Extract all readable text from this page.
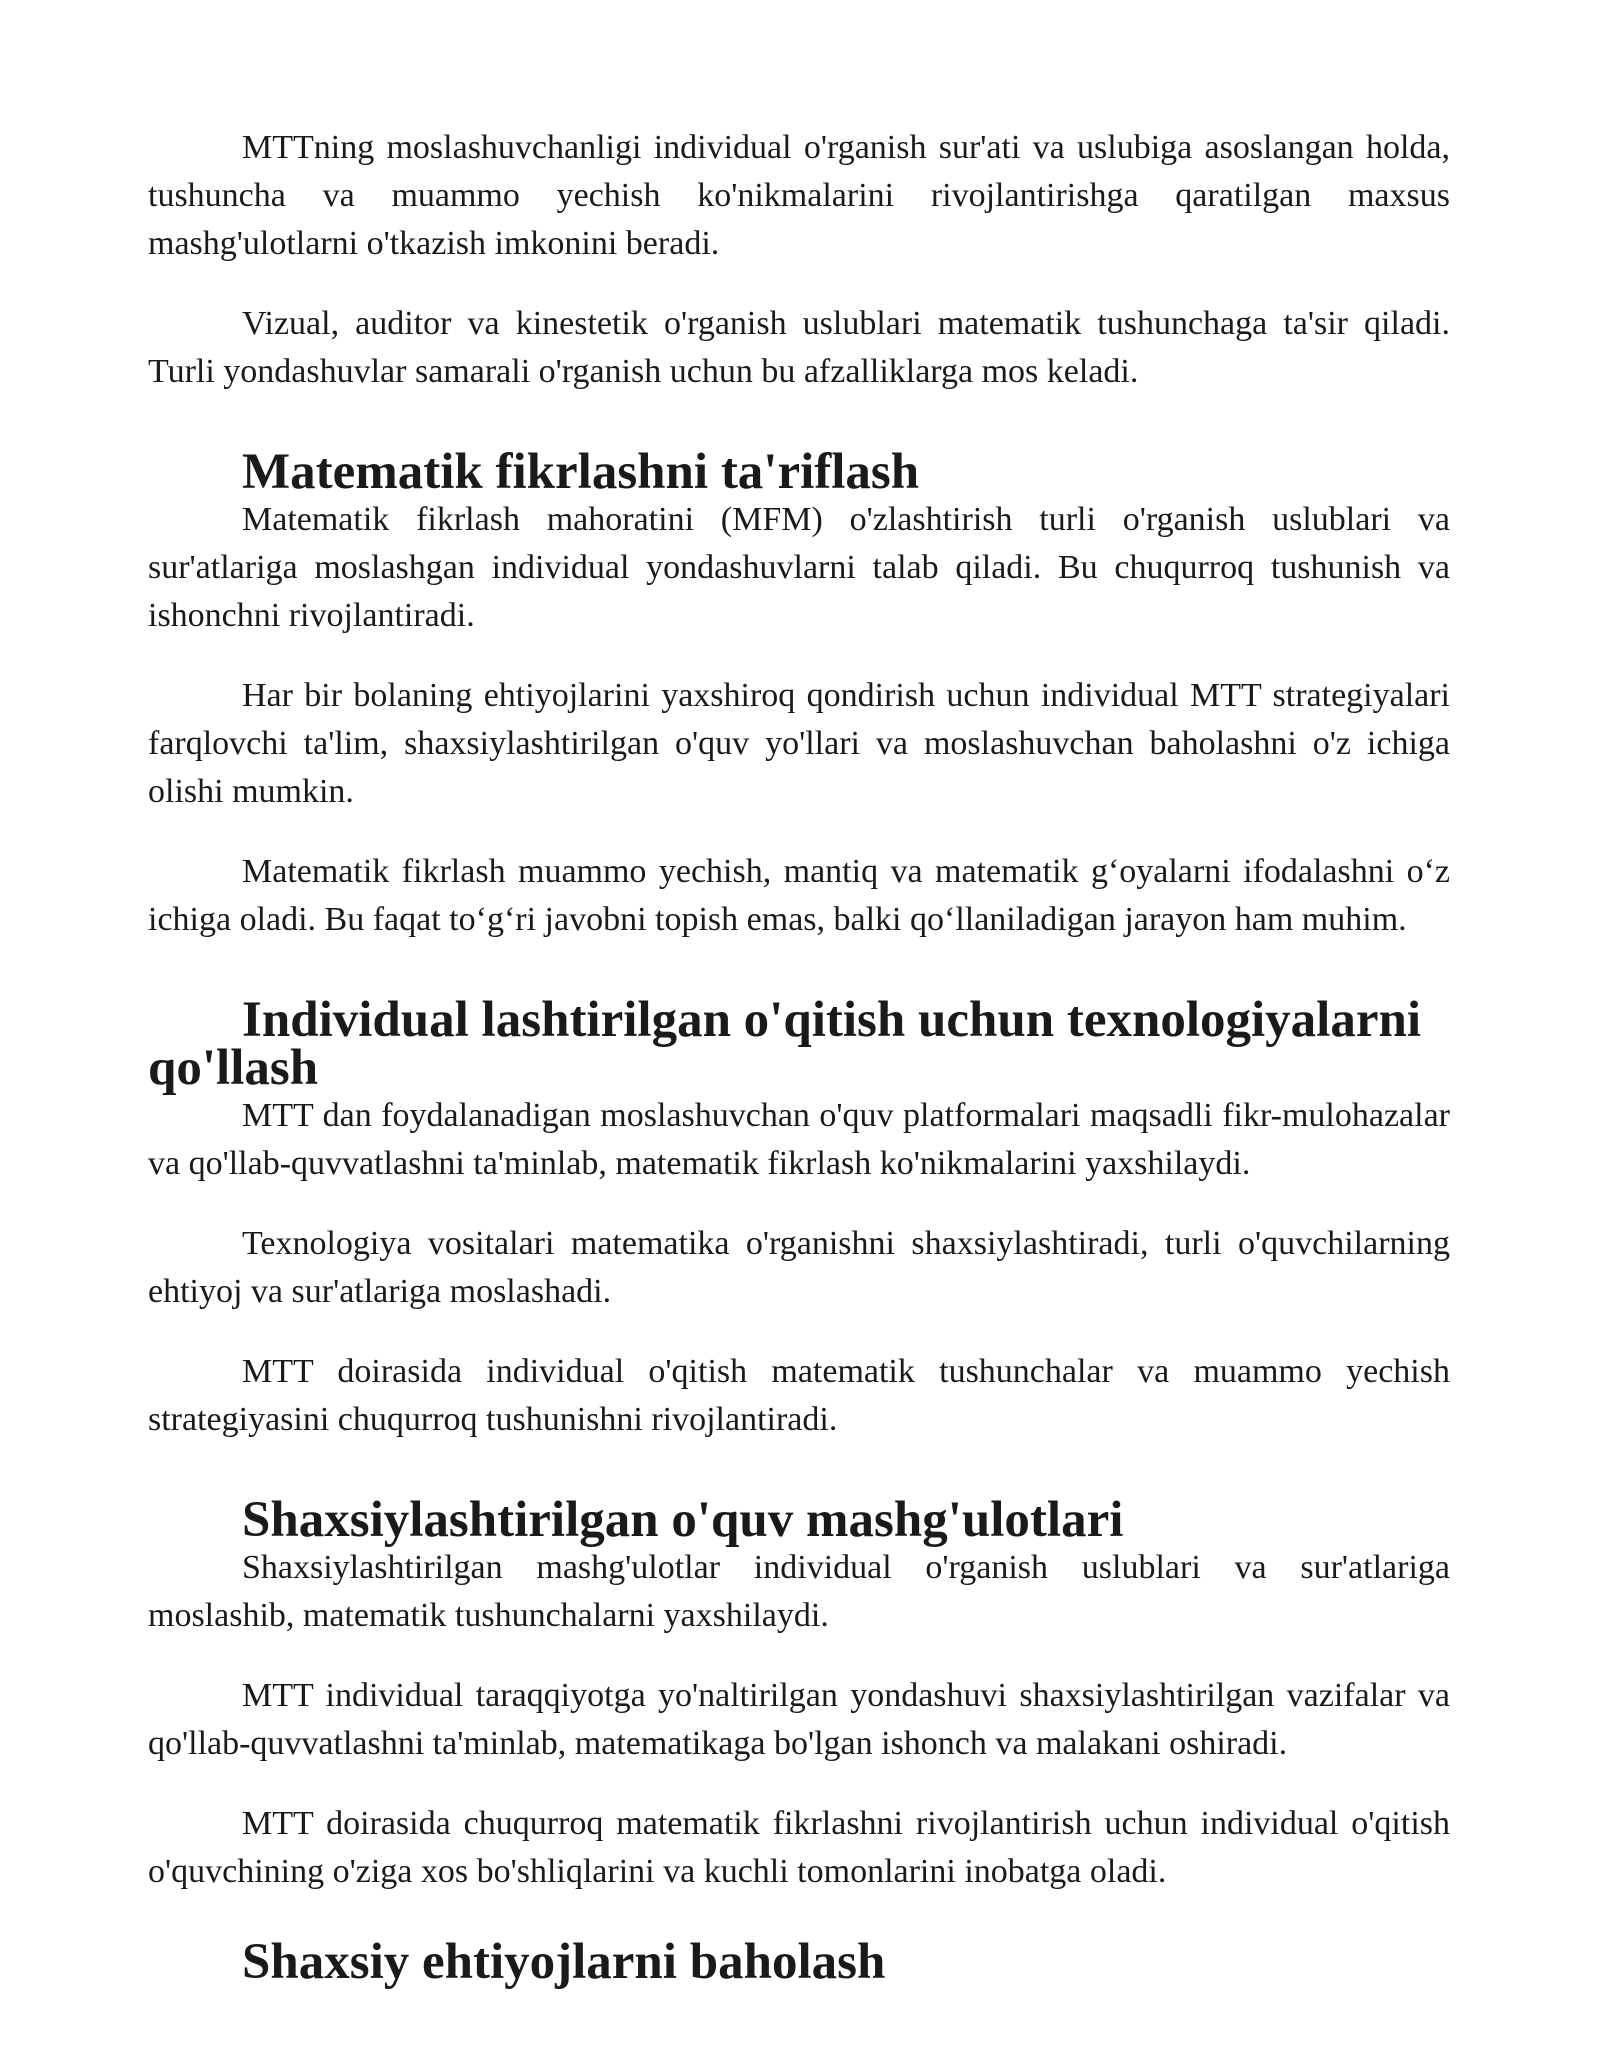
MTTning moslashuvchanligi individual o'rganish sur'ati va uslubiga asoslangan holda, tushuncha va muammo yechish ko'nikmalarini rivojlantirishga qaratilgan maxsus mashg'ulotlarni o'tkazish imkonini beradi.

Vizual, auditor va kinestetik o'rganish uslublari matematik tushunchaga ta'sir qiladi. Turli yondashuvlar samarali o'rganish uchun bu afzalliklarga mos keladi.

Matematik fikrlashni ta'riflash

Matematik fikrlash mahoratini (MFM) o'zlashtirish turli o'rganish uslublari va sur'atlariga moslashgan individual yondashuvlarni talab qiladi. Bu chuqurroq tushunish va ishonchni rivojlantiradi.

Har bir bolaning ehtiyojlarini yaxshiroq qondirish uchun individual MTT strategiyalari farqlovchi ta'lim, shaxsiylashtirilgan o'quv yo'llari va moslashuvchan baholashni o'z ichiga olishi mumkin.

Matematik fikrlash muammo yechish, mantiq va matematik g‘oyalarni ifodalashni o‘z ichiga oladi. Bu faqat to‘g‘ri javobni topish emas, balki qo‘llaniladigan jarayon ham muhim.

Individual lashtirilgan o'qitish uchun texnologiyalarni qo'llash

MTT dan foydalanadigan moslashuvchan o'quv platformalari maqsadli fikr-mulohazalar va qo'llab-quvvatlashni ta'minlab, matematik fikrlash ko'nikmalarini yaxshilaydi.

Texnologiya vositalari matematika o'rganishni shaxsiylashtiradi, turli o'quvchilarning ehtiyoj va sur'atlariga moslashadi.

MTT doirasida individual o'qitish matematik tushunchalar va muammo yechish strategiyasini chuqurroq tushunishni rivojlantiradi.

Shaxsiylashtirilgan o'quv mashg'ulotlari

Shaxsiylashtirilgan mashg'ulotlar individual o'rganish uslublari va sur'atlariga moslashib, matematik tushunchalarni yaxshilaydi.

MTT individual taraqqiyotga yo'naltirilgan yondashuvi shaxsiylashtirilgan vazifalar va qo'llab-quvvatlashni ta'minlab, matematikaga bo'lgan ishonch va malakani oshiradi.

MTT doirasida chuqurroq matematik fikrlashni rivojlantirish uchun individual o'qitish o'quvchining o'ziga xos bo'shliqlarini va kuchli tomonlarini inobatga oladi.

Shaxsiy ehtiyojlarni baholash
